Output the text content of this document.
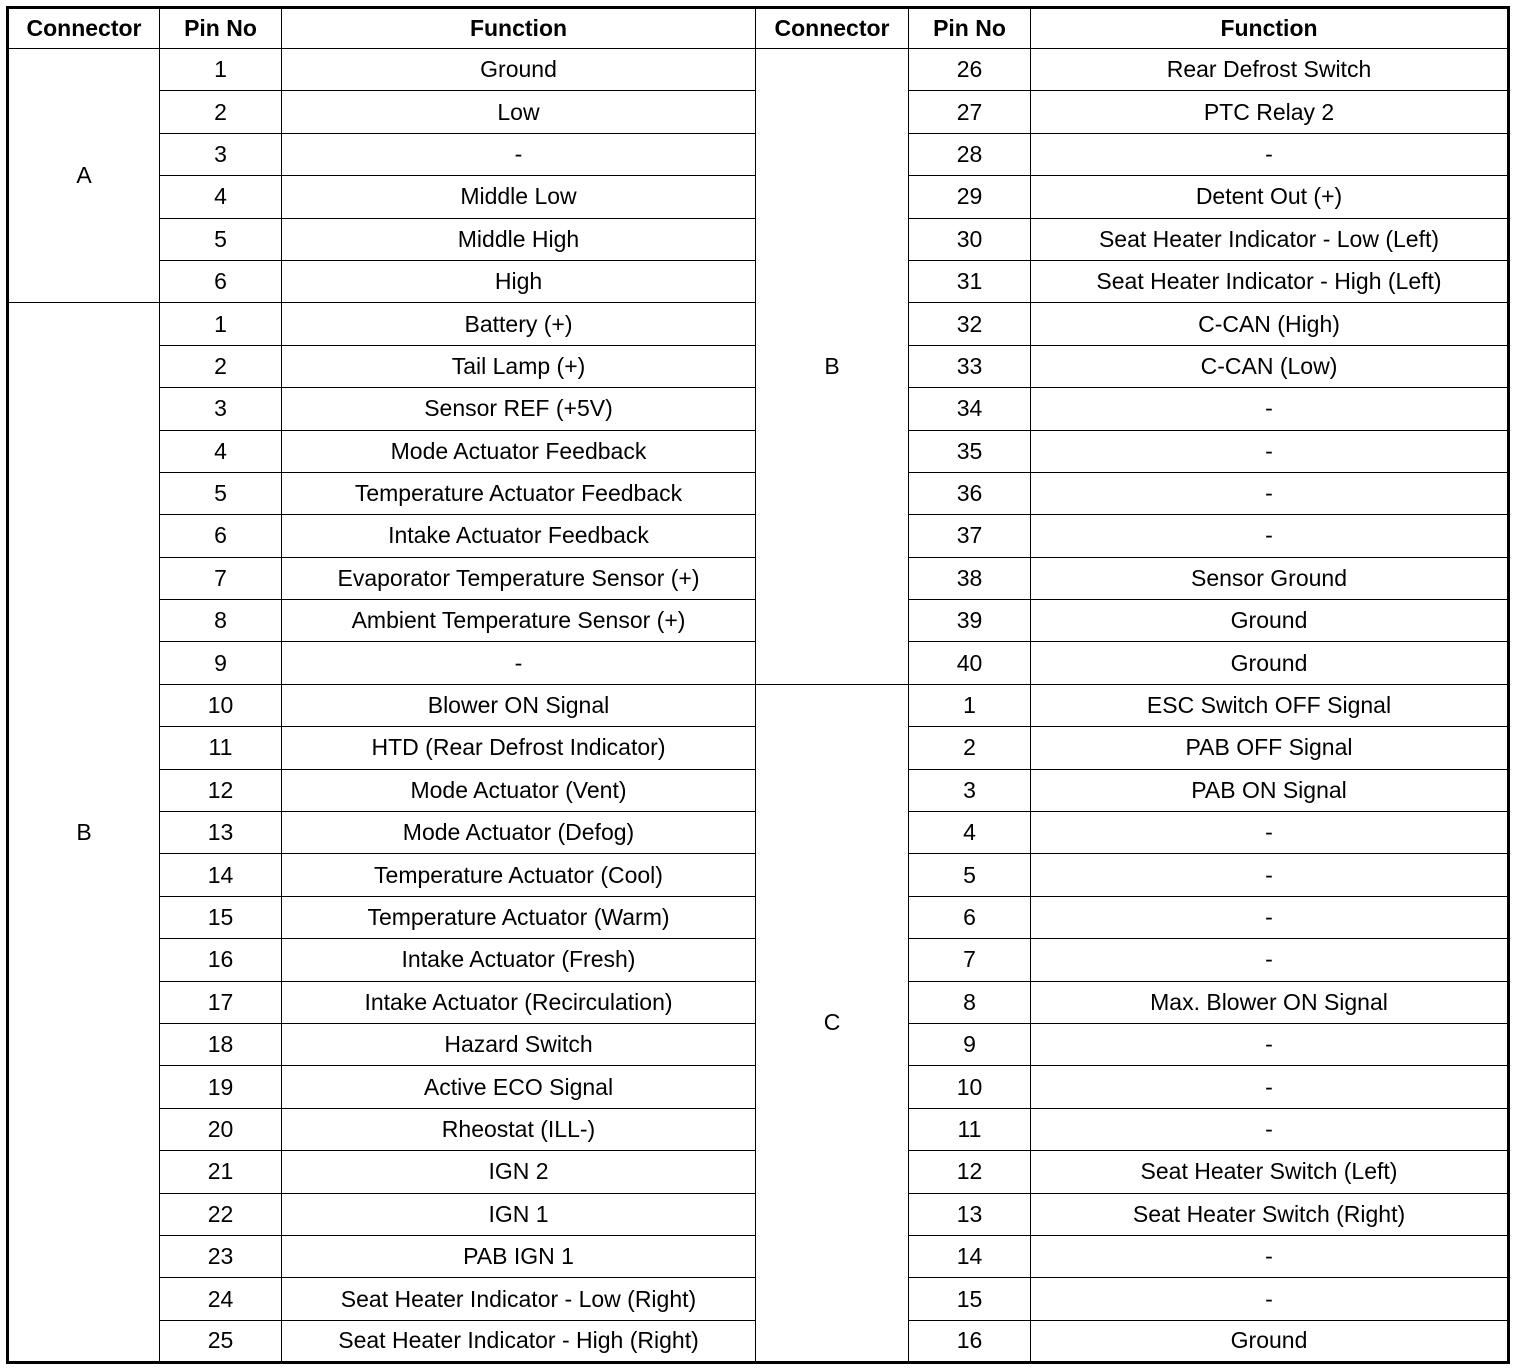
Connector	Pin No	Function	Connector	Pin No	Function
A	1	Ground	B	26	Rear Defrost Switch
	2	Low		27	PTC Relay 2
	3	-		28	-
	4	Middle Low		29	Detent Out (+)
	5	Middle High		30	Seat Heater Indicator - Low (Left)
	6	High		31	Seat Heater Indicator - High (Left)
B	1	Battery (+)		32	C-CAN (High)
	2	Tail Lamp (+)		33	C-CAN (Low)
	3	Sensor REF (+5V)		34	-
	4	Mode Actuator Feedback		35	-
	5	Temperature Actuator Feedback		36	-
	6	Intake Actuator Feedback		37	-
	7	Evaporator Temperature Sensor (+)		38	Sensor Ground
	8	Ambient Temperature Sensor (+)		39	Ground
	9	-		40	Ground
	10	Blower ON Signal	C	1	ESC Switch OFF Signal
	11	HTD (Rear Defrost Indicator)		2	PAB OFF Signal
	12	Mode Actuator (Vent)		3	PAB ON Signal
	13	Mode Actuator (Defog)		4	-
	14	Temperature Actuator (Cool)		5	-
	15	Temperature Actuator (Warm)		6	-
	16	Intake Actuator (Fresh)		7	-
	17	Intake Actuator (Recirculation)		8	Max. Blower ON Signal
	18	Hazard Switch		9	-
	19	Active ECO Signal		10	-
	20	Rheostat (ILL-)		11	-
	21	IGN 2		12	Seat Heater Switch (Left)
	22	IGN 1		13	Seat Heater Switch (Right)
	23	PAB IGN 1		14	-
	24	Seat Heater Indicator - Low (Right)		15	-
	25	Seat Heater Indicator - High (Right)		16	Ground
